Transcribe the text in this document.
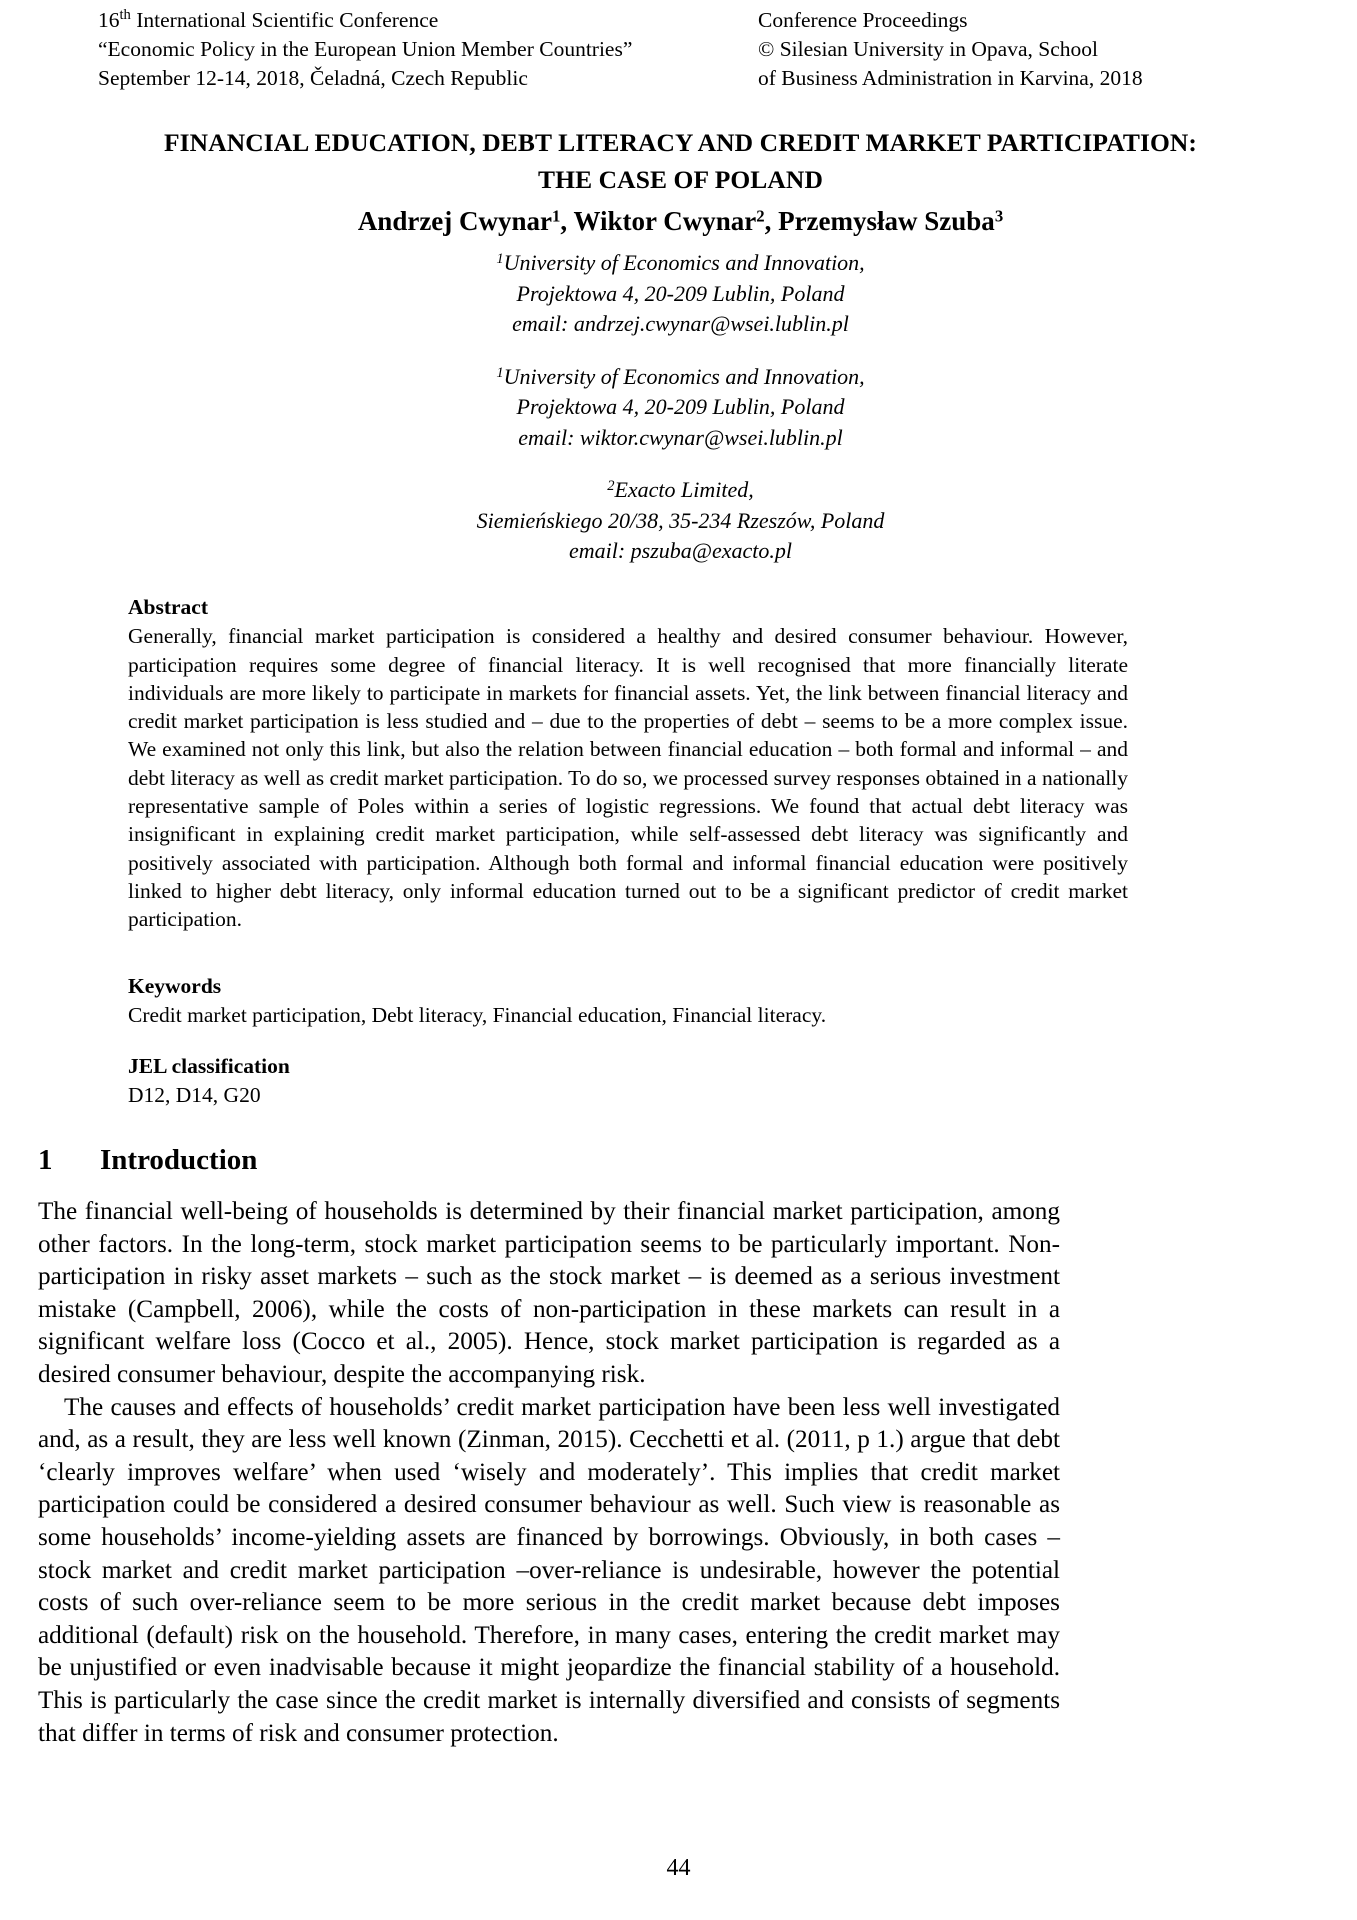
16th International Scientific Conference
“Economic Policy in the European Union Member Countries”
September 12-14, 2018, Čeladná, Czech Republic
Conference Proceedings
© Silesian University in Opava, School
of Business Administration in Karvina, 2018
FINANCIAL EDUCATION, DEBT LITERACY AND CREDIT MARKET PARTICIPATION:
THE CASE OF POLAND
Andrzej Cwynar$^1$, Wiktor Cwynar$^2$, Przemysław Szuba$^3$
$^1$University of Economics and Innovation,
Projektowa 4, 20-209 Lublin, Poland
email: andrzej.cwynar@wsei.lublin.pl
$^1$University of Economics and Innovation,
Projektowa 4, 20-209 Lublin, Poland
email: wiktor.cwynar@wsei.lublin.pl
$^2$Exacto Limited,
Siemieńskiego 20/38, 35-234 Rzeszów, Poland
email: pszuba@exacto.pl
Abstract
Generally, financial market participation is considered a healthy and desired consumer behaviour. However, participation requires some degree of financial literacy. It is well recognised that more financially literate individuals are more likely to participate in markets for financial assets. Yet, the link between financial literacy and credit market participation is less studied and – due to the properties of debt – seems to be a more complex issue. We examined not only this link, but also the relation between financial education – both formal and informal – and debt literacy as well as credit market participation. To do so, we processed survey responses obtained in a nationally representative sample of Poles within a series of logistic regressions. We found that actual debt literacy was insignificant in explaining credit market participation, while self-assessed debt literacy was significantly and positively associated with participation. Although both formal and informal financial education were positively linked to higher debt literacy, only informal education turned out to be a significant predictor of credit market participation.
Keywords
Credit market participation, Debt literacy, Financial education, Financial literacy.
JEL classification
D12, D14, G20
1	Introduction

The financial well-being of households is determined by their financial market participation, among other factors. In the long-term, stock market participation seems to be particularly important. Non-participation in risky asset markets – such as the stock market – is deemed as a serious investment mistake (Campbell, 2006), while the costs of non-participation in these markets can result in a significant welfare loss (Cocco et al., 2005). Hence, stock market participation is regarded as a desired consumer behaviour, despite the accompanying risk.

The causes and effects of households’ credit market participation have been less well investigated and, as a result, they are less well known (Zinman, 2015). Cecchetti et al. (2011, p 1.) argue that debt ‘clearly improves welfare’ when used ‘wisely and moderately’. This implies that credit market participation could be considered a desired consumer behaviour as well. Such view is reasonable as some households’ income-yielding assets are financed by borrowings. Obviously, in both cases – stock market and credit market participation –over-reliance is undesirable, however the potential costs of such over-reliance seem to be more serious in the credit market because debt imposes additional (default) risk on the household. Therefore, in many cases, entering the credit market may be unjustified or even inadvisable because it might jeopardize the financial stability of a household. This is particularly the case since the credit market is internally diversified and consists of segments that differ in terms of risk and consumer protection.

44
